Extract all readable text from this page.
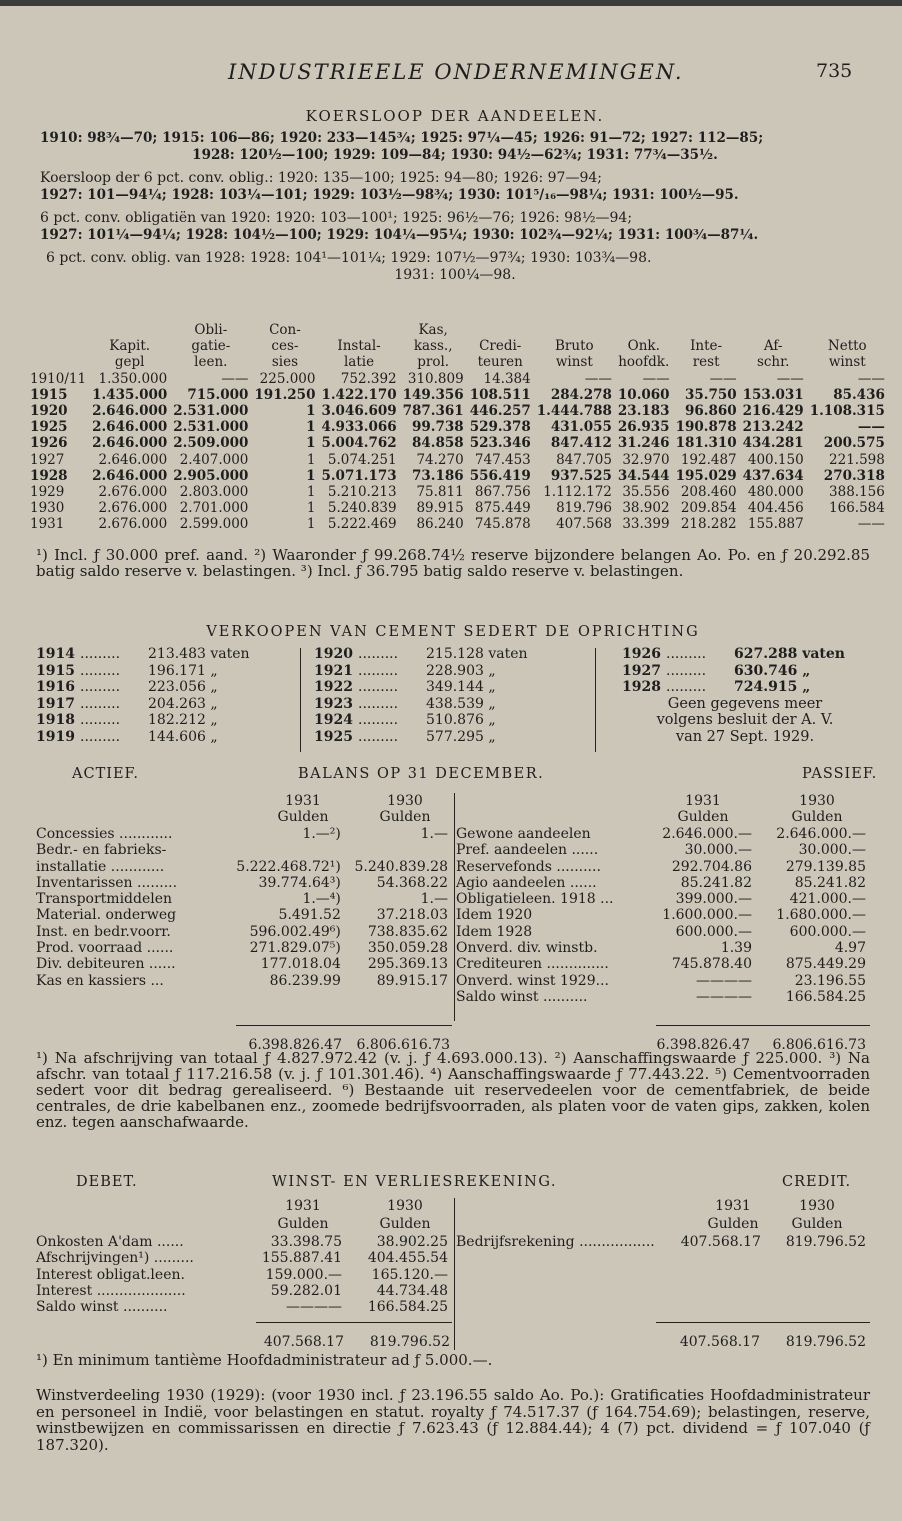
INDUSTRIEELE ONDERNEMINGEN.	735
KOERSLOOP DER AANDEELEN.
1910: 98¾—70; 1915: 106—86; 1920: 233—145¾; 1925: 97¼—45; 1926: 91—72; 1927: 112—85;
1928: 120½—100; 1929: 109—84; 1930: 94½—62¾; 1931: 77¾—35½.
Koersloop der 6 pct. conv. oblig.: 1920: 135—100; 1925: 94—80; 1926: 97—94;
1927: 101—94¼; 1928: 103¼—101; 1929: 103½—98¾; 1930: 101⁵/₁₆—98¼; 1931: 100½—95.
6 pct. conv. obligatiën van 1920: 1920: 103—100¹; 1925: 96½—76; 1926: 98½—94;
1927: 101¼—94¼; 1928: 104½—100; 1929: 104¼—95¼; 1930: 102¾—92¼; 1931: 100¾—87¼.
6 pct. conv. oblig. van 1928: 1928: 104¹—101¼; 1929: 107½—97¾; 1930: 103¾—98.
1931: 100¼—98.
		Obli-	Con-		Kas,						
	Kapit.	gatie-	ces-	Instal-	kass.,	Credi-	Bruto	Onk.	Inte-	Af-	Netto
	gepl	leen.	sies	latie	prol.	teuren	winst	hoofdk.	rest	schr.	winst
1910/11	1.350.000	——	225.000	752.392	310.809	14.384	——	——	——	——	——
1915	1.435.000	715.000	191.250	1.422.170	149.356	108.511	284.278	10.060	35.750	153.031	85.436
1920	2.646.000	2.531.000	1	3.046.609	787.361	446.257	1.444.788	23.183	96.860	216.429	1.108.315
1925	2.646.000	2.531.000	1	4.933.066	99.738	529.378	431.055	26.935	190.878	213.242	——
1926	2.646.000	2.509.000	1	5.004.762	84.858	523.346	847.412	31.246	181.310	434.281	200.575
1927	2.646.000	2.407.000	1	5.074.251	74.270	747.453	847.705	32.970	192.487	400.150	221.598
1928	2.646.000	2.905.000	1	5.071.173	73.186	556.419	937.525	34.544	195.029	437.634	270.318
1929	2.676.000	2.803.000	1	5.210.213	75.811	867.756	1.112.172	35.556	208.460	480.000	388.156
1930	2.676.000	2.701.000	1	5.240.839	89.915	875.449	819.796	38.902	209.854	404.456	166.584
1931	2.676.000	2.599.000	1	5.222.469	86.240	745.878	407.568	33.399	218.282	155.887	——
¹) Incl. ƒ 30.000 pref. aand. ²) Waaronder ƒ 99.268.74½ reserve bijzondere belangen Ao. Po. en ƒ 20.292.85 batig saldo reserve v. belastingen. ³) Incl. ƒ 36.795 batig saldo reserve v. belastingen.
VERKOOPEN VAN CEMENT SEDERT DE OPRICHTING
1914 .........	213.483 vaten
1915 .........	196.171 „
1916 .........	223.056 „
1917 .........	204.263 „
1918 .........	182.212 „
1919 .........	144.606 „
1920 .........	215.128 vaten
1921 .........	228.903 „
1922 .........	349.144 „
1923 .........	438.539 „
1924 .........	510.876 „
1925 .........	577.295 „
1926 .........	627.288 vaten
1927 .........	630.746 „
1928 .........	724.915 „
Geen gegevens meer
volgens besluit der A. V.
van 27 Sept. 1929.
ACTIEF.	BALANS OP 31 DECEMBER.	PASSIEF.
1931	1930
Gulden	Gulden
Concessies ............	1.—²)	1.—
Bedr.- en fabrieks-		
installatie ............	5.222.468.72¹)	5.240.839.28
Inventarissen .........	39.774.64³)	54.368.22
Transportmiddelen	1.—⁴)	1.—
Material. onderweg	5.491.52	37.218.03
Inst. en bedr.voorr.	596.002.49⁶)	738.835.62
Prod. voorraad ......	271.829.07⁵)	350.059.28
Div. debiteuren ......	177.018.04	295.369.13
Kas en kassiers ...	86.239.99	89.915.17
6.398.826.47	6.806.616.73
1931	1930
Gulden	Gulden
Gewone aandeelen	2.646.000.—	2.646.000.—
Pref. aandeelen ......	30.000.—	30.000.—
Reservefonds ..........	292.704.86	279.139.85
Agio aandeelen ......	85.241.82	85.241.82
Obligatieleen. 1918 ...	399.000.—	421.000.—
Idem 1920	1.600.000.—	1.680.000.—
Idem 1928	600.000.—	600.000.—
Onverd. div. winstb.	1.39	4.97
Crediteuren ..............	745.878.40	875.449.29
Onverd. winst 1929...	————	23.196.55
Saldo winst ..........	————	166.584.25
6.398.826.47	6.806.616.73
¹) Na afschrijving van totaal ƒ 4.827.972.42 (v. j. ƒ 4.693.000.13). ²) Aanschaffingswaarde ƒ 225.000. ³) Na afschr. van totaal ƒ 117.216.58 (v. j. ƒ 101.301.46). ⁴) Aanschaffingswaarde ƒ 77.443.22. ⁵) Cementvoorraden sedert voor dit bedrag gerealiseerd. ⁶) Bestaande uit reservedeelen voor de cementfabriek, de beide centrales, de drie kabelbanen enz., zoomede bedrijfsvoorraden, als platen voor de vaten gips, zakken, kolen enz. tegen aanschafwaarde.
DEBET.	WINST- EN VERLIESREKENING.	CREDIT.
1931	1930
Gulden	Gulden
Onkosten A'dam ......	33.398.75	38.902.25
Afschrijvingen¹) .........	155.887.41	404.455.54
Interest obligat.leen.	159.000.—	165.120.—
Interest ....................	59.282.01	44.734.48
Saldo winst ..........	————	166.584.25
407.568.17	819.796.52
1931	1930
Gulden	Gulden
Bedrijfsrekening .................	407.568.17	819.796.52
407.568.17	819.796.52
¹) En minimum tantième Hoofdadministrateur ad ƒ 5.000.—.
Winstverdeeling 1930 (1929): (voor 1930 incl. ƒ 23.196.55 saldo Ao. Po.): Gratificaties Hoofdadministrateur en personeel in Indië, voor belastingen en statut. royalty ƒ 74.517.37 (ƒ 164.754.69); belastingen, reserve, winstbewijzen en commissarissen en directie ƒ 7.623.43 (ƒ 12.884.44); 4 (7) pct. dividend = ƒ 107.040 (ƒ 187.320).
